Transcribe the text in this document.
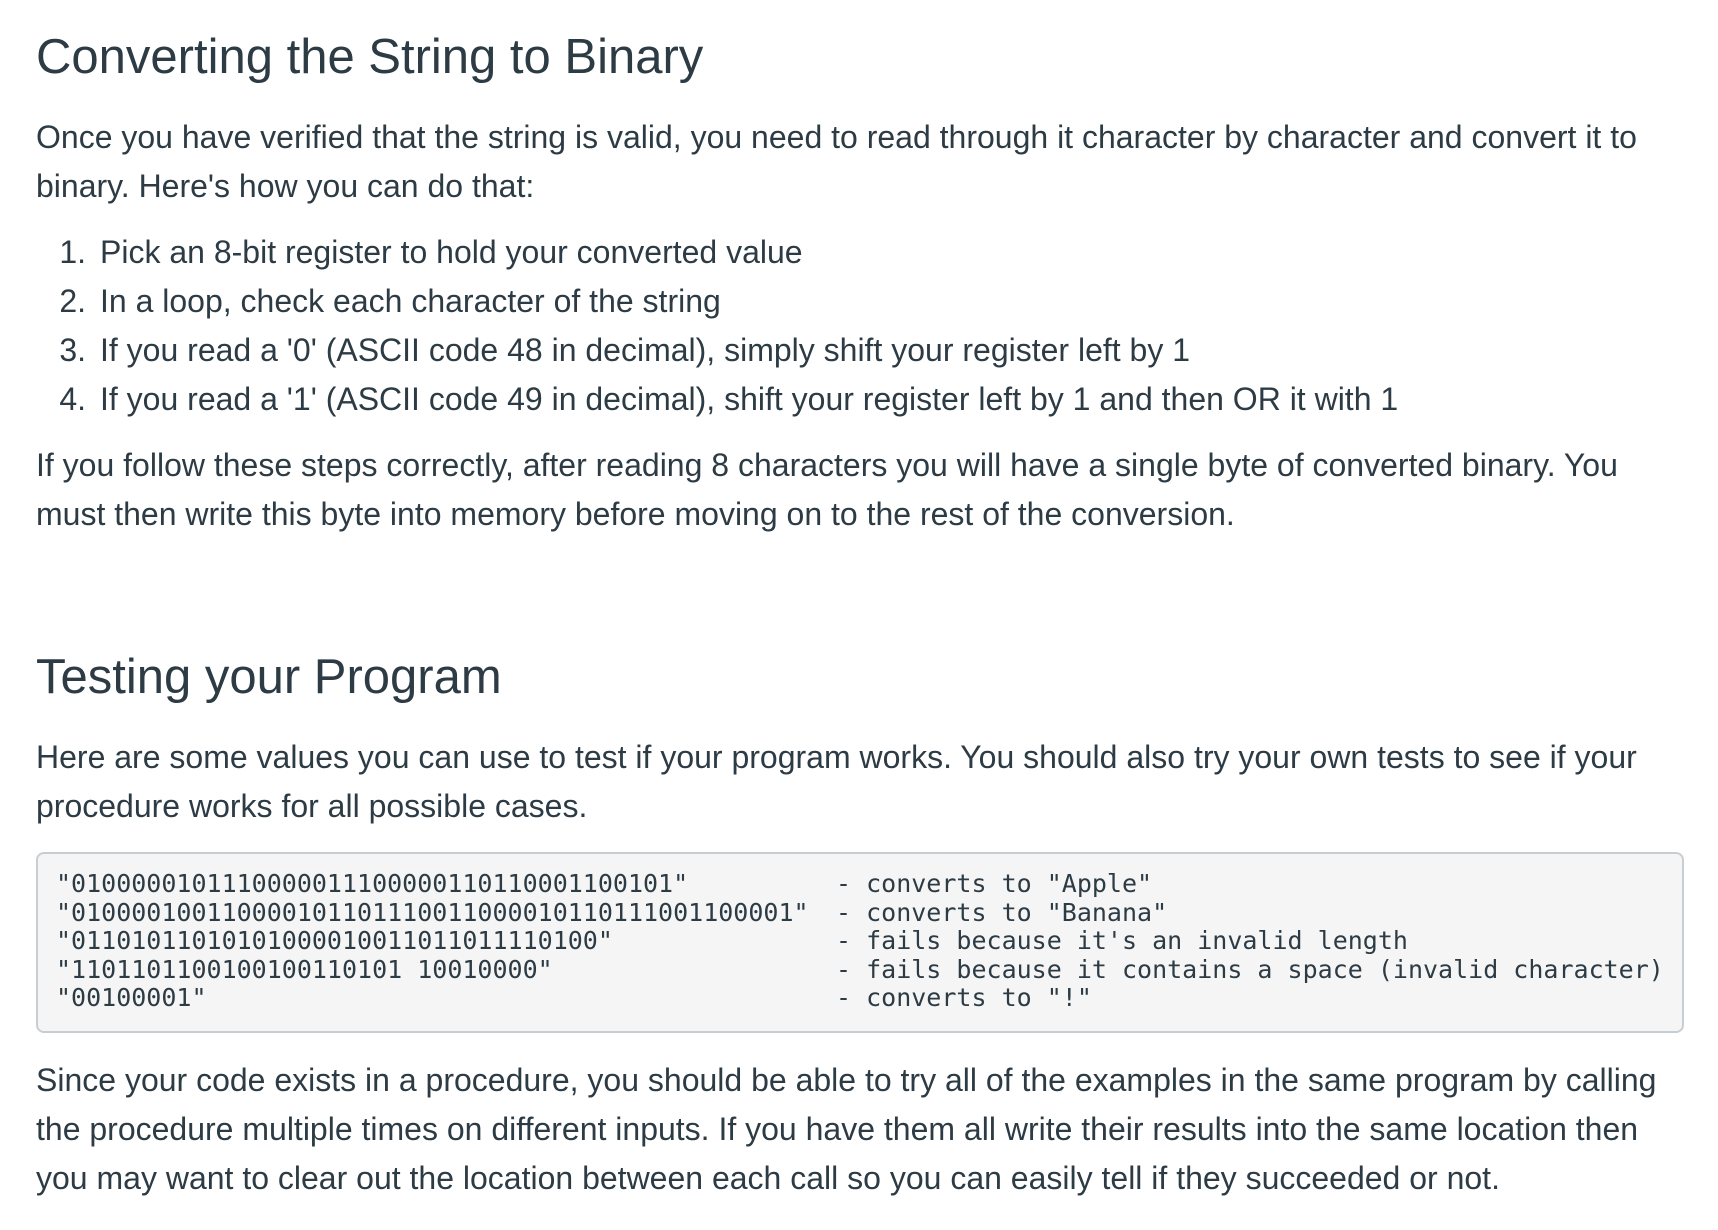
Converting the String to Binary

Once you have verified that the string is valid, you need to read through it character by character and convert it to binary. Here's how you can do that:

1. Pick an 8-bit register to hold your converted value
2. In a loop, check each character of the string
3. If you read a '0' (ASCII code 48 in decimal), simply shift your register left by 1
4. If you read a '1' (ASCII code 49 in decimal), shift your register left by 1 and then OR it with 1

If you follow these steps correctly, after reading 8 characters you will have a single byte of converted binary. You must then write this byte into memory before moving on to the rest of the conversion.

Testing your Program

Here are some values you can use to test if your program works. You should also try your own tests to see if your procedure works for all possible cases.

"0100000101110000011100000110110001100101"	- converts to "Apple"
"010000100110000101101110011000010110111001100001"	- converts to "Banana"
"01101011010101000010011011011110100"	- fails because it's an invalid length
"1101101100100100110101 10010000"	- fails because it contains a space (invalid character)
"00100001"	- converts to "!"

Since your code exists in a procedure, you should be able to try all of the examples in the same program by calling the procedure multiple times on different inputs. If you have them all write their results into the same location then you may want to clear out the location between each call so you can easily tell if they succeeded or not.
